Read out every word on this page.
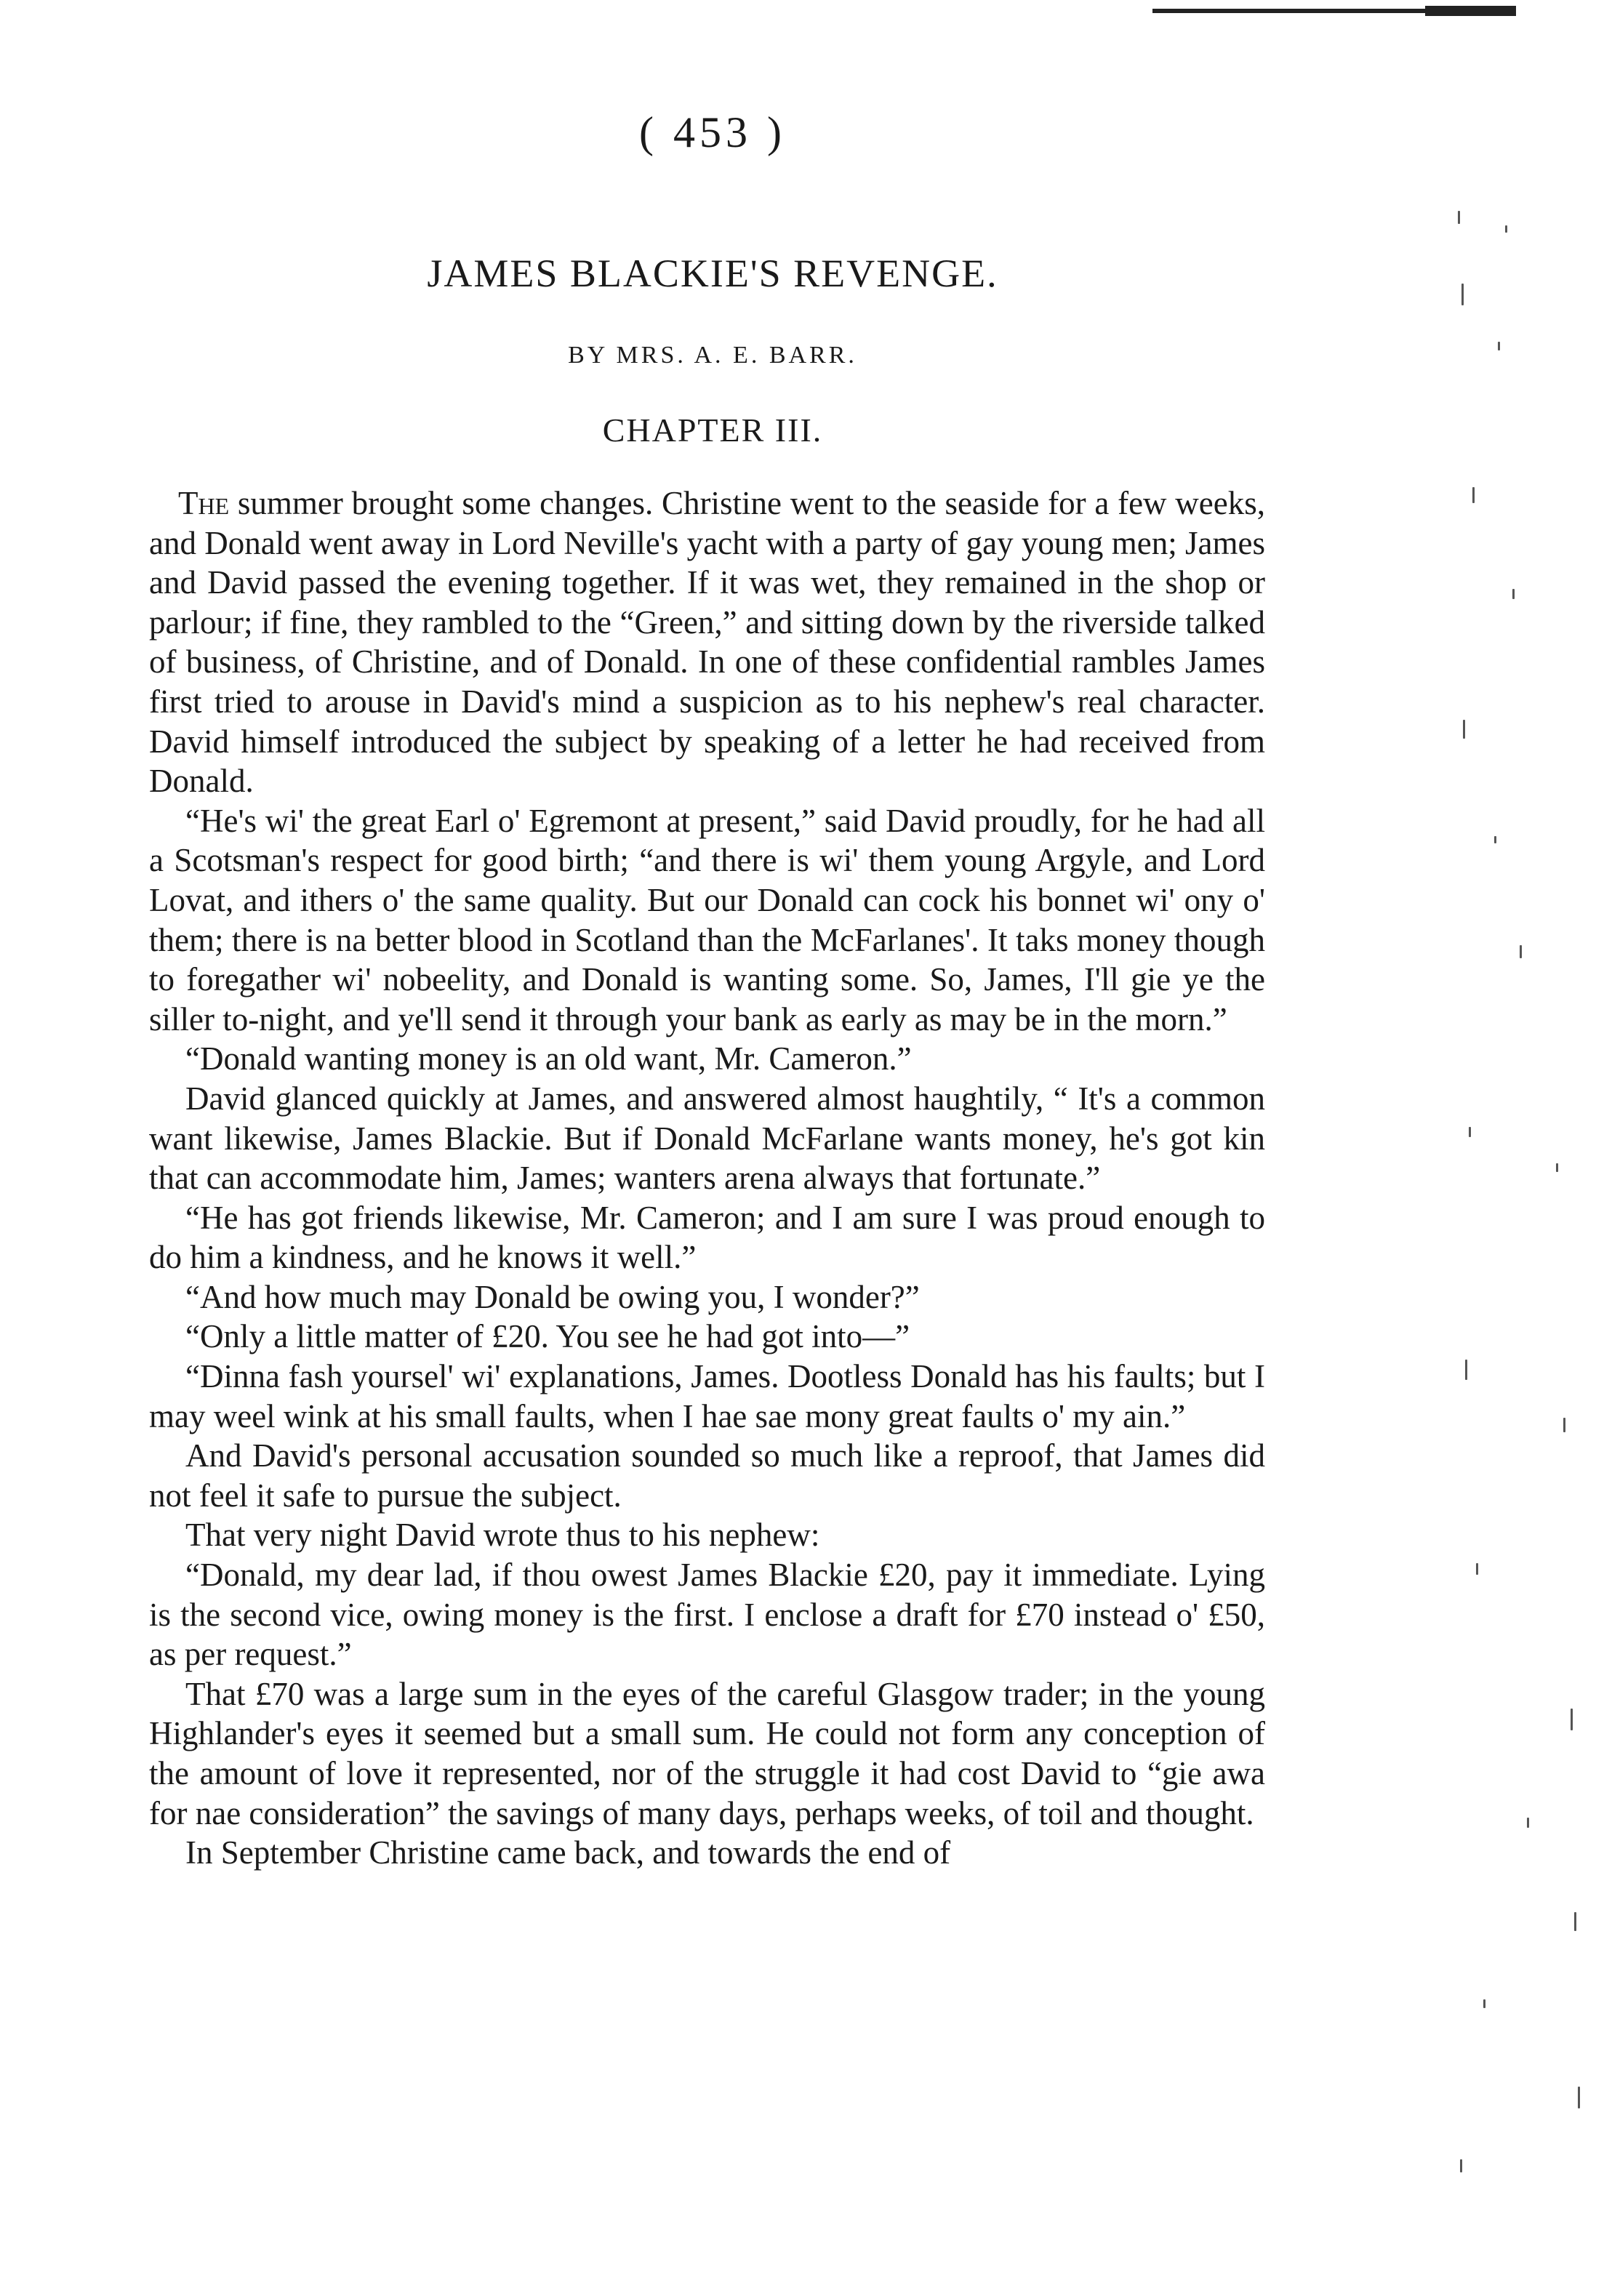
( 453 )
JAMES BLACKIE'S REVENGE.
BY MRS. A. E. BARR.
CHAPTER III.

The summer brought some changes. Christine went to the seaside for a few weeks, and Donald went away in Lord Neville's yacht with a party of gay young men; James and David passed the evening together. If it was wet, they remained in the shop or parlour; if fine, they rambled to the “Green,” and sitting down by the riverside talked of business, of Christine, and of Donald. In one of these confidential rambles James first tried to arouse in David's mind a suspicion as to his nephew's real character. David himself introduced the subject by speaking of a letter he had received from Donald.

“He's wi' the great Earl o' Egremont at present,” said David proudly, for he had all a Scotsman's respect for good birth; “and there is wi' them young Argyle, and Lord Lovat, and ithers o' the same quality. But our Donald can cock his bonnet wi' ony o' them; there is na better blood in Scotland than the McFarlanes'. It taks money though to foregather wi' nobeelity, and Donald is wanting some. So, James, I'll gie ye the siller to-night, and ye'll send it through your bank as early as may be in the morn.”

“Donald wanting money is an old want, Mr. Cameron.”

David glanced quickly at James, and answered almost haughtily, “ It's a common want likewise, James Blackie. But if Donald McFarlane wants money, he's got kin that can accommodate him, James; wanters arena always that fortunate.”

“He has got friends likewise, Mr. Cameron; and I am sure I was proud enough to do him a kindness, and he knows it well.”

“And how much may Donald be owing you, I wonder?”

“Only a little matter of £20. You see he had got into—”

“Dinna fash yoursel' wi' explanations, James. Dootless Donald has his faults; but I may weel wink at his small faults, when I hae sae mony great faults o' my ain.”

And David's personal accusation sounded so much like a reproof, that James did not feel it safe to pursue the subject.

That very night David wrote thus to his nephew:

“Donald, my dear lad, if thou owest James Blackie £20, pay it immediate. Lying is the second vice, owing money is the first. I enclose a draft for £70 instead o' £50, as per request.”

That £70 was a large sum in the eyes of the careful Glasgow trader; in the young Highlander's eyes it seemed but a small sum. He could not form any conception of the amount of love it represented, nor of the struggle it had cost David to “gie awa for nae consideration” the savings of many days, perhaps weeks, of toil and thought.

In September Christine came back, and towards the end of
